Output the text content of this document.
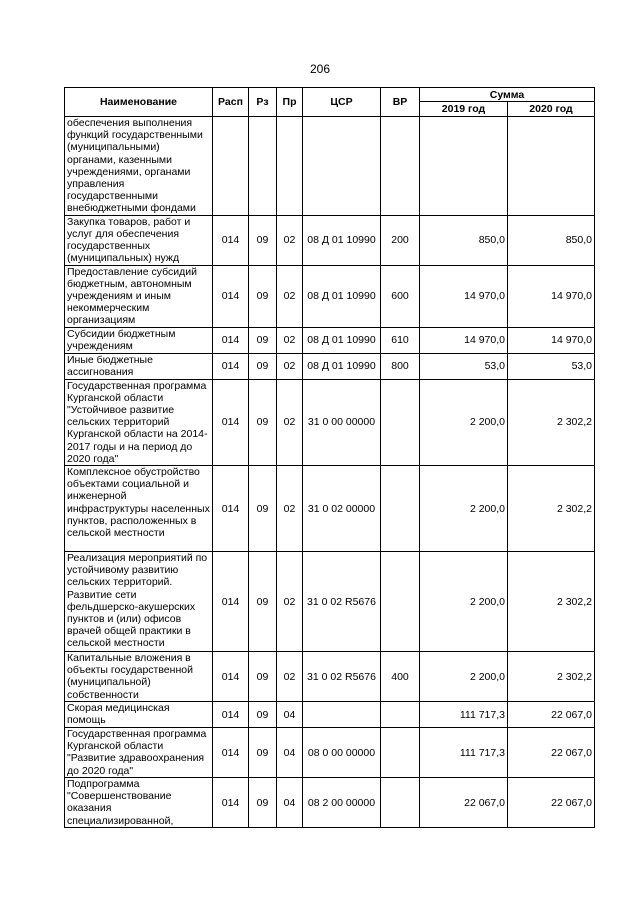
206
Наименование	Расп	Рз	Пр	ЦСР	ВР	Сумма	
						2019 год	2020 год
обеспечения выполнения функций государственными (муниципальными) органами, казенными учреждениями, органами управления государственными внебюджетными фондами							
Закупка товаров, работ и услуг для обеспечения государственных (муниципальных) нужд	014	09	02	08 Д 01 10990	200	850,0	850,0
Предоставление субсидий бюджетным, автономным учреждениям и иным некоммерческим организациям	014	09	02	08 Д 01 10990	600	14 970,0	14 970,0
Субсидии бюджетным учреждениям	014	09	02	08 Д 01 10990	610	14 970,0	14 970,0
Иные бюджетные ассигнования	014	09	02	08 Д 01 10990	800	53,0	53,0
Государственная программа Курганской области "Устойчивое развитие сельских территорий Курганской области на 2014-2017 годы и на период до 2020 года"	014	09	02	31 0 00 00000		2 200,0	2 302,2
Комплексное обустройство объектами социальной и инженерной инфраструктуры населенных пунктов, расположенных в сельской местности	014	09	02	31 0 02 00000		2 200,0	2 302,2
Реализация мероприятий по устойчивому развитию сельских территорий. Развитие сети фельдшерско-акушерских пунктов и (или) офисов врачей общей практики в сельской местности	014	09	02	31 0 02 R5676		2 200,0	2 302,2
Капитальные вложения в объекты государственной (муниципальной) собственности	014	09	02	31 0 02 R5676	400	2 200,0	2 302,2
Скорая медицинская помощь	014	09	04			111 717,3	22 067,0
Государственная программа Курганской области "Развитие здравоохранения до 2020 года"	014	09	04	08 0 00 00000		111 717,3	22 067,0
Подпрограмма "Совершенствование оказания специализированной,	014	09	04	08 2 00 00000		22 067,0	22 067,0
